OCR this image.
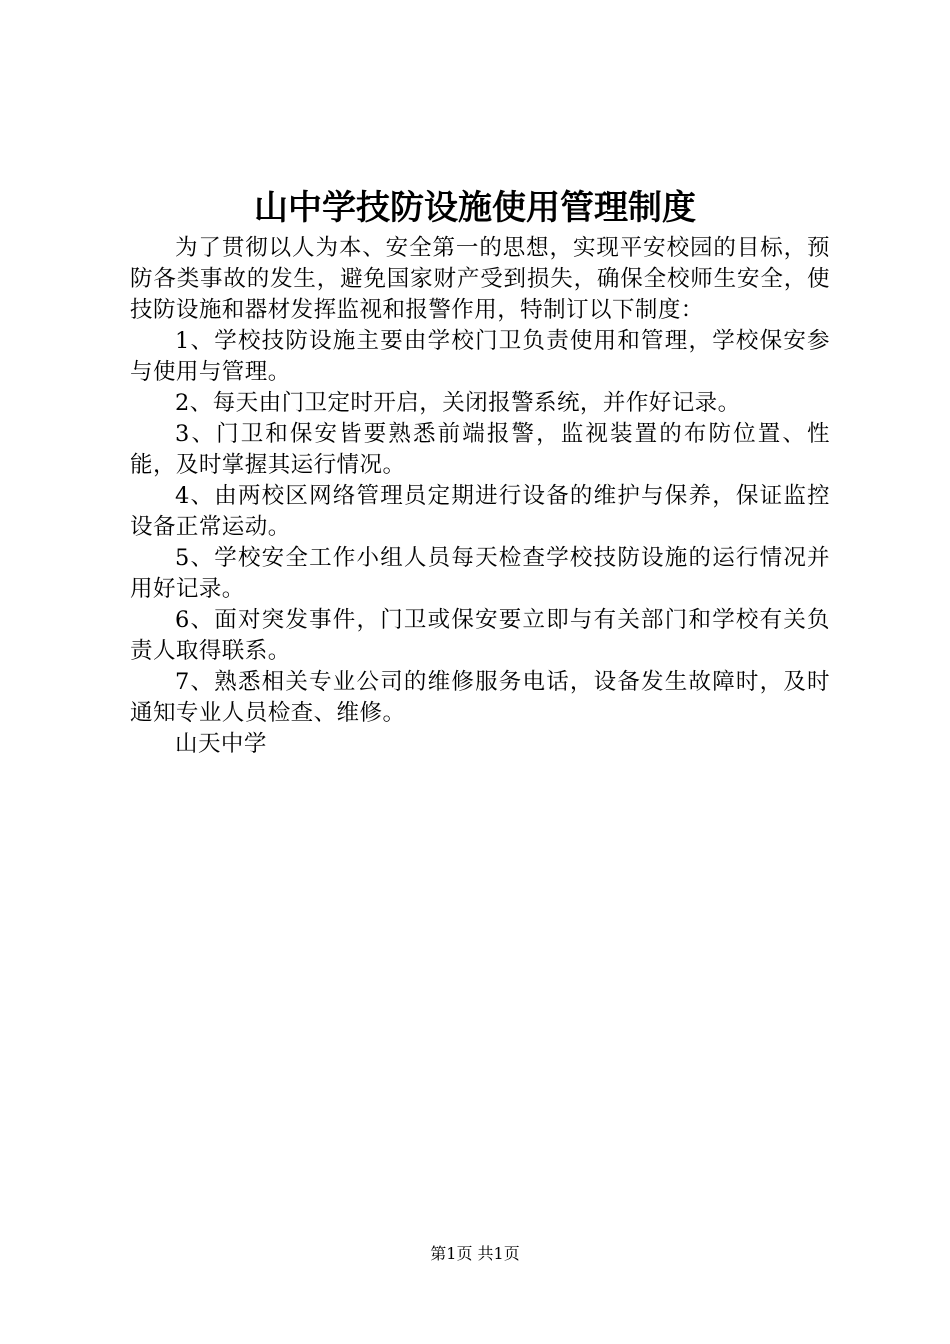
山中学技防设施使用管理制度

为了贯彻以人为本、安全第一的思想，实现平安校园的目标，预防各类事故的发生，避免国家财产受到损失，确保全校师生安全，使技防设施和器材发挥监视和报警作用，特制订以下制度：

1、学校技防设施主要由学校门卫负责使用和管理，学校保安参与使用与管理。

2、每天由门卫定时开启，关闭报警系统，并作好记录。

3、门卫和保安皆要熟悉前端报警，监视装置的布防位置、性能，及时掌握其运行情况。

4、由两校区网络管理员定期进行设备的维护与保养，保证监控设备正常运动。

5、学校安全工作小组人员每天检查学校技防设施的运行情况并用好记录。

6、面对突发事件，门卫或保安要立即与有关部门和学校有关负责人取得联系。

7、熟悉相关专业公司的维修服务电话，设备发生故障时，及时通知专业人员检查、维修。

山天中学

第1页 共1页
